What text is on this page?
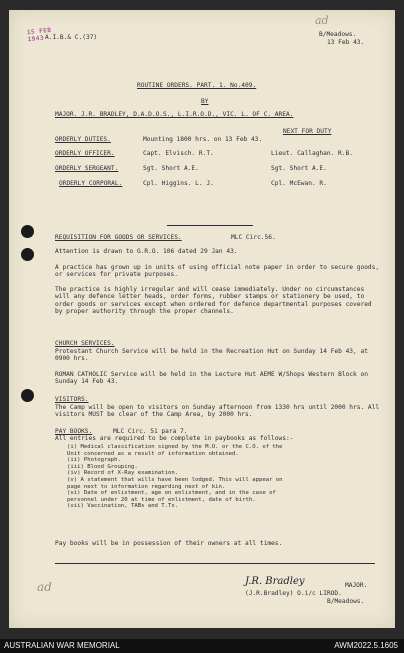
15 FEB 1943 A.I.B.& C.(37)
ad
B/Meadows.
13 Feb 43.
ROUTINE ORDERS. PART. 1. No.409.
BY
MAJOR. J.R. BRADLEY, D.A.D.O.S., L.I.R.O.D., VIC. L. OF C. AREA.
NEXT FOR DUTY
ORDERLY DUTIES.	Mounting 1800 hrs. on 13 Feb 43.
ORDERLY OFFICER.	Capt. Elvisch. R.T.	Lieut. Callaghan. R.B.
ORDERLY SERGEANT.	Sgt. Short A.E.	Sgt. Short A.E.
ORDERLY CORPORAL.	Cpl. Higgins. L. J.	Cpl. McEwan. R.
REQUISITION FOR GOODS OR SERVICES.	MLC Circ.56.
Attention is drawn to G.R.O. 106 dated 29 Jan 43.
A practice has grown up in units of using official note paper in order to secure goods, or services for private purposes.
The practice is highly irregular and will cease immediately. Under no circumstances will any defence letter heads, order forms, rubber stamps or stationery be used, to order goods or services except when ordered for defence departmental purposes covered by proper authority through the proper channels.
CHURCH SERVICES.
Protestant Church Service will be held in the Recreation Hut on Sunday 14 Feb 43, at 0900 hrs.
ROMAN CATHOLIC Service will be held in the Lecture Hut AEME W/Shops Western Block on Sunday 14 Feb 43.
VISITORS.
The Camp will be open to visitors on Sunday afternoon from 1330 hrs until 2000 hrs. All visitors MUST be clear of the Camp Area, by 2000 hrs.
PAY BOOKS.	MLC Circ. 51 para 7.
All entries are required to be complete in paybooks as follows:-
(i) Medical classification signed by the M.O. or the C.O. of the
Unit concerned as a result of information obtained.
(ii) Photograph.
(iii) Blood Grouping.
(iv) Record of X-Ray examination.
(v) A statement that wills have been lodged. This will appear on
page next to information regarding next of kin.
(vi) Date of enlistment, age on enlistment, and in the case of
personnel under 20 at time of enlistment, date of birth.
(vii) Vaccination, TABs and T.Ts.
Pay books will be in possession of their owners at all times.
J.R. Bradley	MAJOR.
(J.R.Bradley) O.i/c LIROD.
B/Meadows.
ad
AUSTRALIAN WAR MEMORIAL	AWM2022.5.1605
